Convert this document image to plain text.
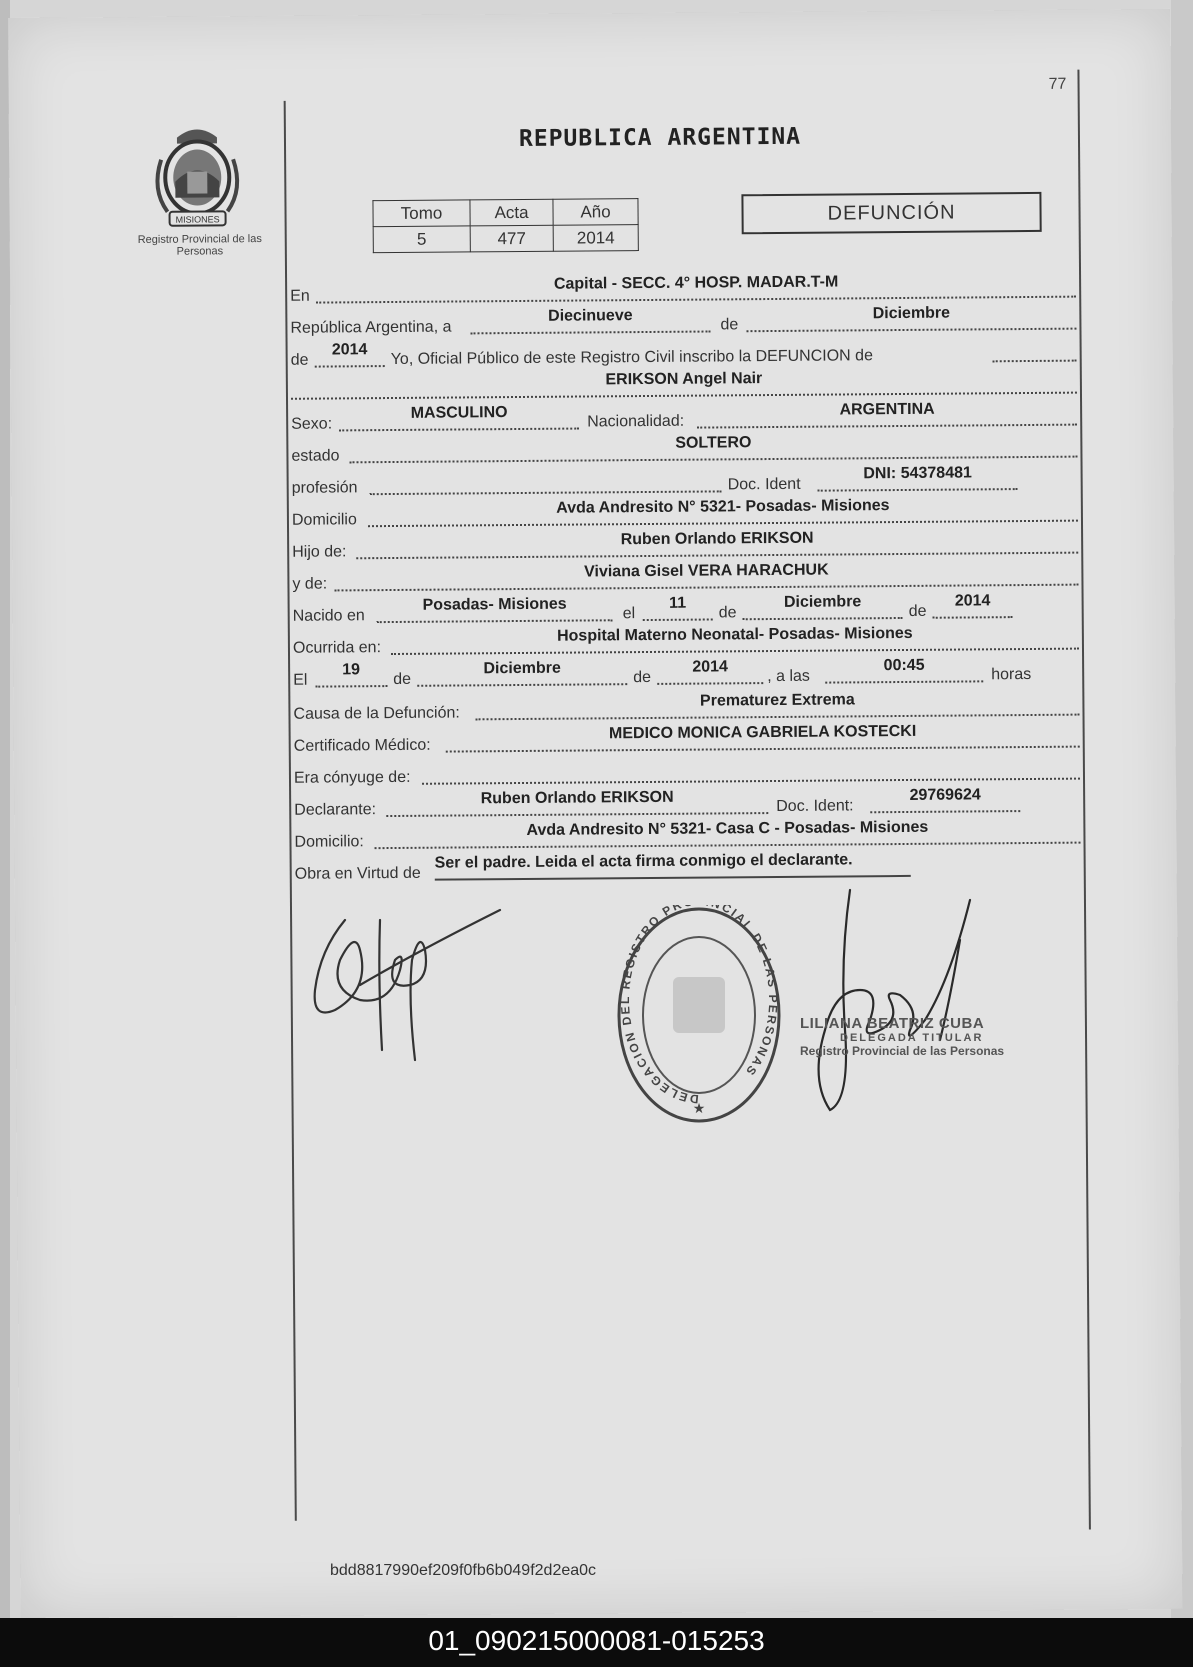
77
MISIONES
Registro Provincial de las Personas
REPUBLICA ARGENTINA
Tomo	Acta	Año
5	477	2014
DEFUNCIÓN
En
Capital - SECC. 4° HOSP. MADAR.T-M
República Argentina, a
Diecinueve
de
Diciembre
de
2014	Yo, Oficial Público de este Registro Civil inscribo la DEFUNCION de
ERIKSON Angel Nair
Sexo:
MASCULINO	Nacionalidad:
ARGENTINA
estado
SOLTERO
profesión	Doc. Ident
DNI: 54378481
Domicilio
Avda Andresito N° 5321- Posadas- Misiones
Hijo de:
Ruben Orlando ERIKSON
y de:
Viviana Gisel VERA HARACHUK
Nacido en
Posadas- Misiones	el
11
de
Diciembre
de
2014
Ocurrida en:
Hospital Materno Neonatal- Posadas- Misiones
El
19
de
Diciembre
de
2014
, a las
00:45
horas
Causa de la Defunción:
Prematurez Extrema
Certificado Médico:
MEDICO MONICA GABRIELA KOSTECKI
Era cónyuge de:
Declarante:
Ruben Orlando ERIKSON	Doc. Ident:
29769624
Domicilio:
Avda Andresito N° 5321- Casa C - Posadas- Misiones
Obra en Virtud de
Ser el padre. Leida el acta firma conmigo el declarante.
DELEGACION DEL REGISTRO PR CIAL DE LAS PERSONAS
★
LILIANA BEATRIZ CUBA
DELEGADA TITULAR
Registro Provincial de las Personas
bdd8817990ef209f0fb6b049f2d2ea0c
01_090215000081-015253
